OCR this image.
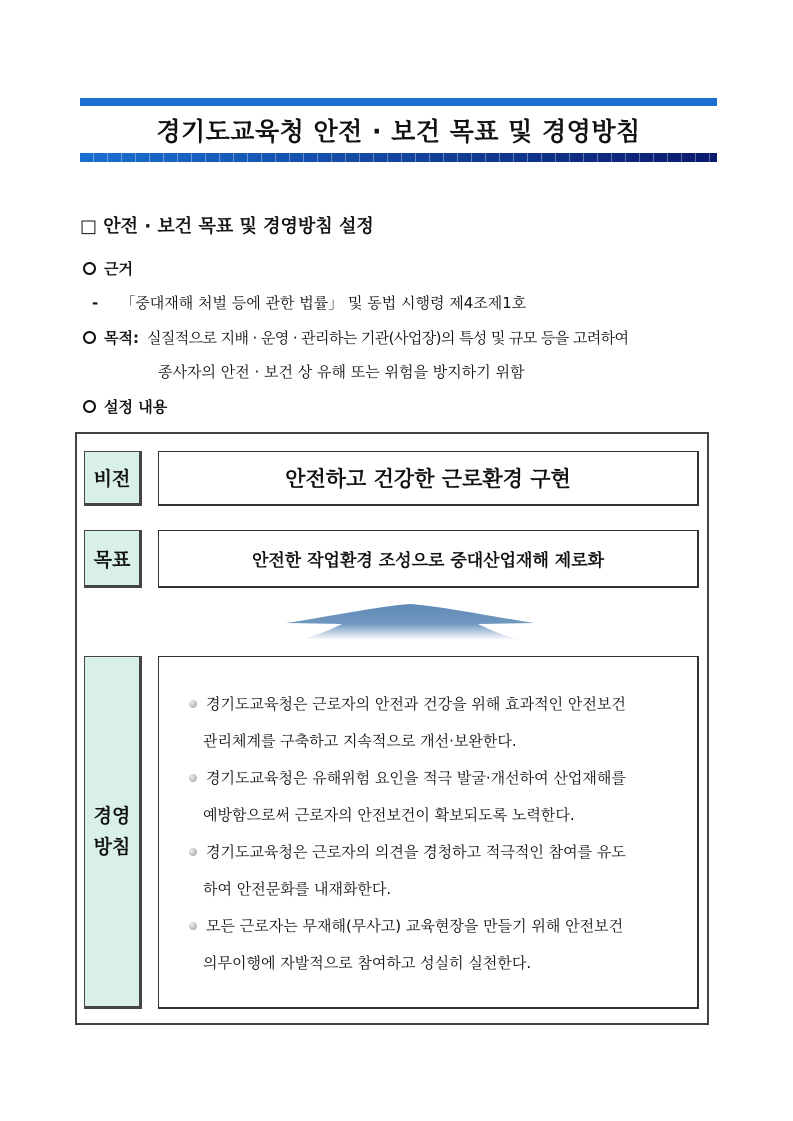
경기도교육청 안전 · 보건 목표 및 경영방침
□ 안전 · 보건 목표 및 경영방침 설정
근거
- 「중대재해 처벌 등에 관한 법률」 및 동법 시행령 제4조제1호
목적: 실질적으로 지배 · 운영 · 관리하는 기관(사업장)의 특성 및 규모 등을 고려하여
종사자의 안전 · 보건 상 유해 또는 위험을 방지하기 위함
설정 내용
비전	안전하고 건강한 근로환경 구현
목표	안전한 작업환경 조성으로 중대산업재해 제로화
경영
방침
경기도교육청은 근로자의 안전과 건강을 위해 효과적인 안전보건
관리체계를 구축하고 지속적으로 개선·보완한다.
경기도교육청은 유해위험 요인을 적극 발굴·개선하여 산업재해를
예방함으로써 근로자의 안전보건이 확보되도록 노력한다.
경기도교육청은 근로자의 의견을 경청하고 적극적인 참여를 유도
하여 안전문화를 내재화한다.
모든 근로자는 무재해(무사고) 교육현장을 만들기 위해 안전보건
의무이행에 자발적으로 참여하고 성실히 실천한다.
